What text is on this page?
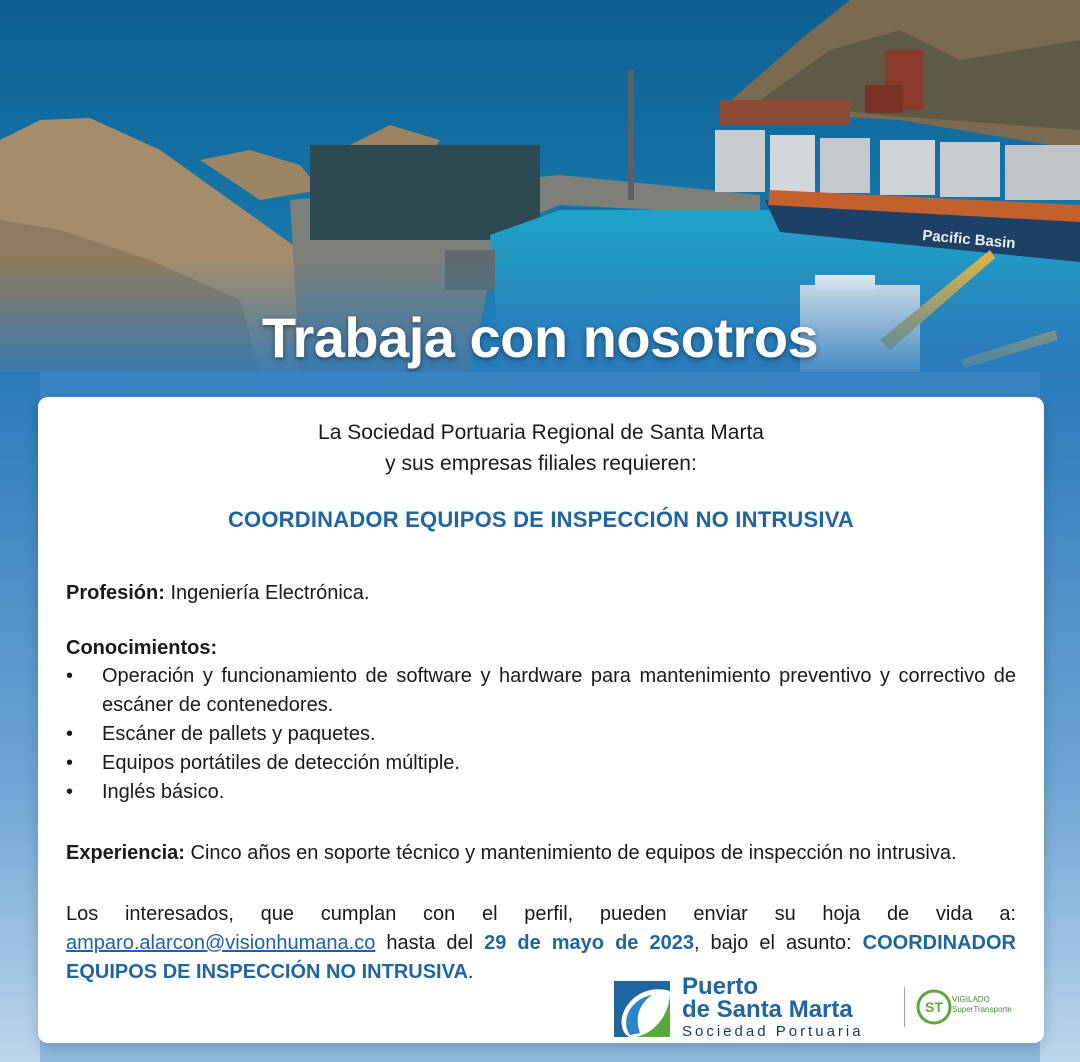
Trabaja con nosotros
La Sociedad Portuaria Regional de Santa Marta
y sus empresas filiales requieren:
COORDINADOR EQUIPOS DE INSPECCIÓN NO INTRUSIVA
Profesión: Ingeniería Electrónica.
Conocimientos:
• Operación y funcionamiento de software y hardware para mantenimiento preventivo y correctivo de escáner de contenedores.
• Escáner de pallets y paquetes.
• Equipos portátiles de detección múltiple.
• Inglés básico.
Experiencia: Cinco años en soporte técnico y mantenimiento de equipos de inspección no intrusiva.
Los interesados, que cumplan con el perfil, pueden enviar su hoja de vida a: amparo.alarcon@visionhumana.co hasta del 29 de mayo de 2023, bajo el asunto: COORDINADOR EQUIPOS DE INSPECCIÓN NO INTRUSIVA.
Puerto
de Santa Marta
Sociedad Portuaria
ST VIGILADO
SuperTransporte
